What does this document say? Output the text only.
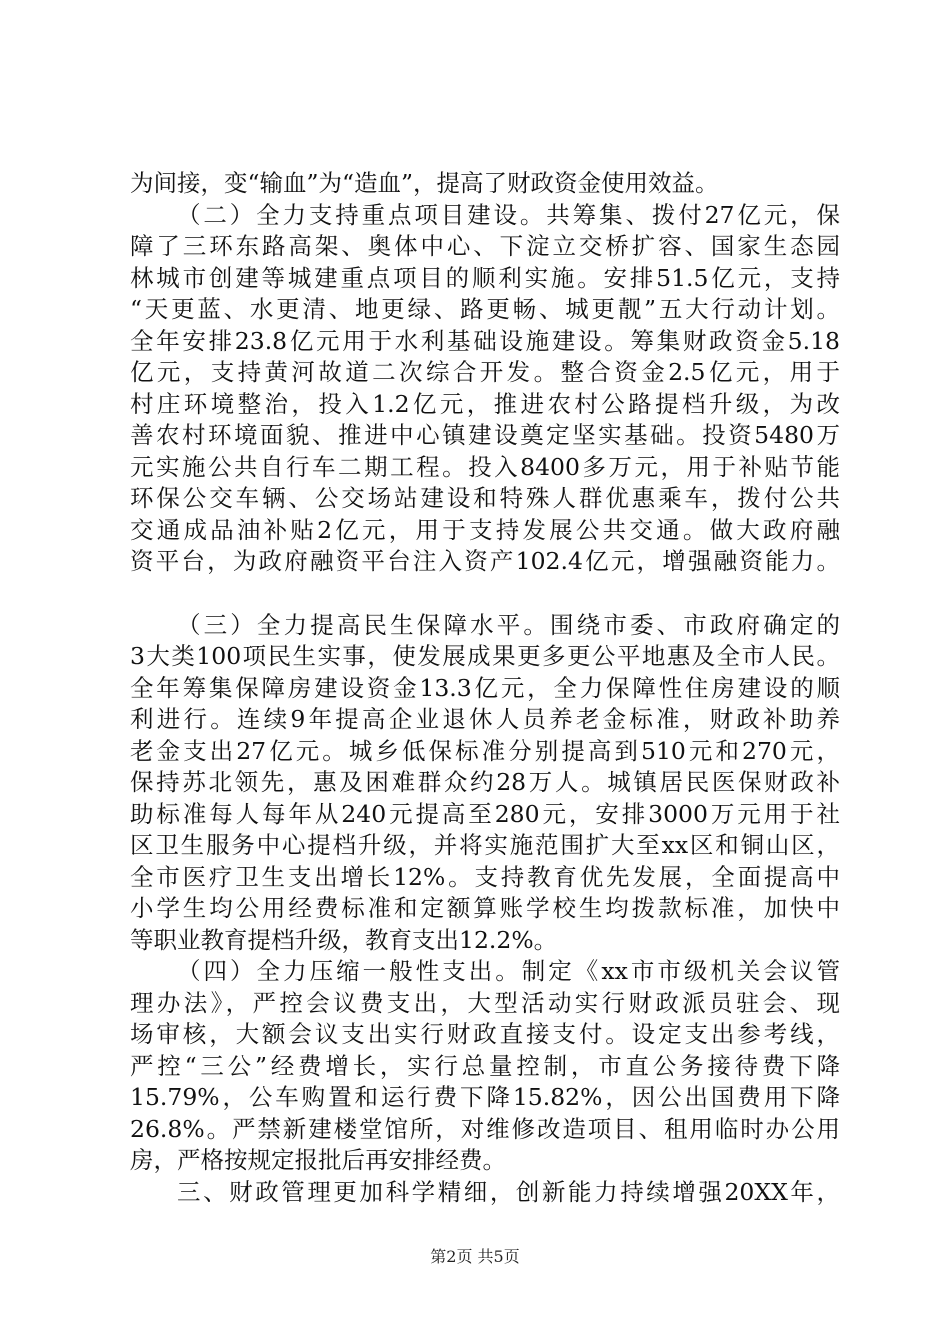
为间接，变“输血”为“造血”，提高了财政资金使用效益。
（二）全力支持重点项目建设。共筹集、拨付27亿元，保
障了三环东路高架、奥体中心、下淀立交桥扩容、国家生态园
林城市创建等城建重点项目的顺利实施。安排51.5亿元，支持
“天更蓝、水更清、地更绿、路更畅、城更靓”五大行动计划。
全年安排23.8亿元用于水利基础设施建设。筹集财政资金5.18
亿元，支持黄河故道二次综合开发。整合资金2.5亿元，用于
村庄环境整治，投入1.2亿元，推进农村公路提档升级，为改
善农村环境面貌、推进中心镇建设奠定坚实基础。投资5480万
元实施公共自行车二期工程。投入8400多万元，用于补贴节能
环保公交车辆、公交场站建设和特殊人群优惠乘车，拨付公共
交通成品油补贴2亿元，用于支持发展公共交通。做大政府融
资平台，为政府融资平台注入资产102.4亿元，增强融资能力。
（三）全力提高民生保障水平。围绕市委、市政府确定的
3大类100项民生实事，使发展成果更多更公平地惠及全市人民。
全年筹集保障房建设资金13.3亿元，全力保障性住房建设的顺
利进行。连续9年提高企业退休人员养老金标准，财政补助养
老金支出27亿元。城乡低保标准分别提高到510元和270元，
保持苏北领先，惠及困难群众约28万人。城镇居民医保财政补
助标准每人每年从240元提高至280元，安排3000万元用于社
区卫生服务中心提档升级，并将实施范围扩大至xx区和铜山区，
全市医疗卫生支出增长12%。支持教育优先发展，全面提高中
小学生均公用经费标准和定额算账学校生均拨款标准，加快中
等职业教育提档升级，教育支出12.2%。
（四）全力压缩一般性支出。制定《xx市市级机关会议管
理办法》，严控会议费支出，大型活动实行财政派员驻会、现
场审核，大额会议支出实行财政直接支付。设定支出参考线，
严控“三公”经费增长，实行总量控制，市直公务接待费下降
15.79%，公车购置和运行费下降15.82%，因公出国费用下降
26.8%。严禁新建楼堂馆所，对维修改造项目、租用临时办公用
房，严格按规定报批后再安排经费。
三、财政管理更加科学精细，创新能力持续增强20XX年，
第2页 共5页
